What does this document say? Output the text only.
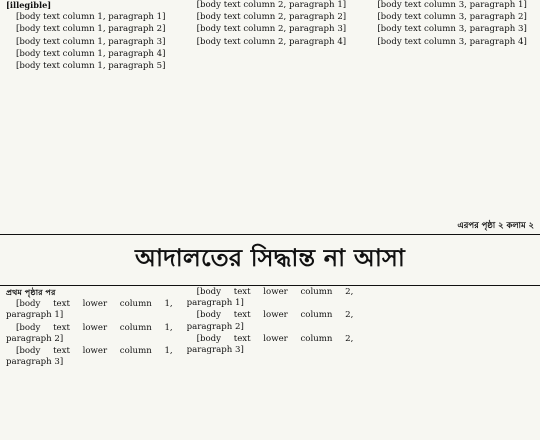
[illegible]

[body text column 1, paragraph 1]

[body text column 1, paragraph 2]

[body text column 1, paragraph 3]

[body text column 1, paragraph 4]

[body text column 1, paragraph 5]

[body text column 2, paragraph 1]

[body text column 2, paragraph 2]

[body text column 2, paragraph 3]

[body text column 2, paragraph 4]

[body text column 3, paragraph 1]

[body text column 3, paragraph 2]

[body text column 3, paragraph 3]

[body text column 3, paragraph 4]

এরপর পৃষ্ঠা ২ কলাম ২
আদালতের সিদ্ধান্ত না আসা
প্রথম পৃষ্ঠার পর

[body text lower column 1, paragraph 1]

[body text lower column 1, paragraph 2]

[body text lower column 1, paragraph 3]

[body text lower column 2, paragraph 1]

[body text lower column 2, paragraph 2]

[body text lower column 2, paragraph 3]
